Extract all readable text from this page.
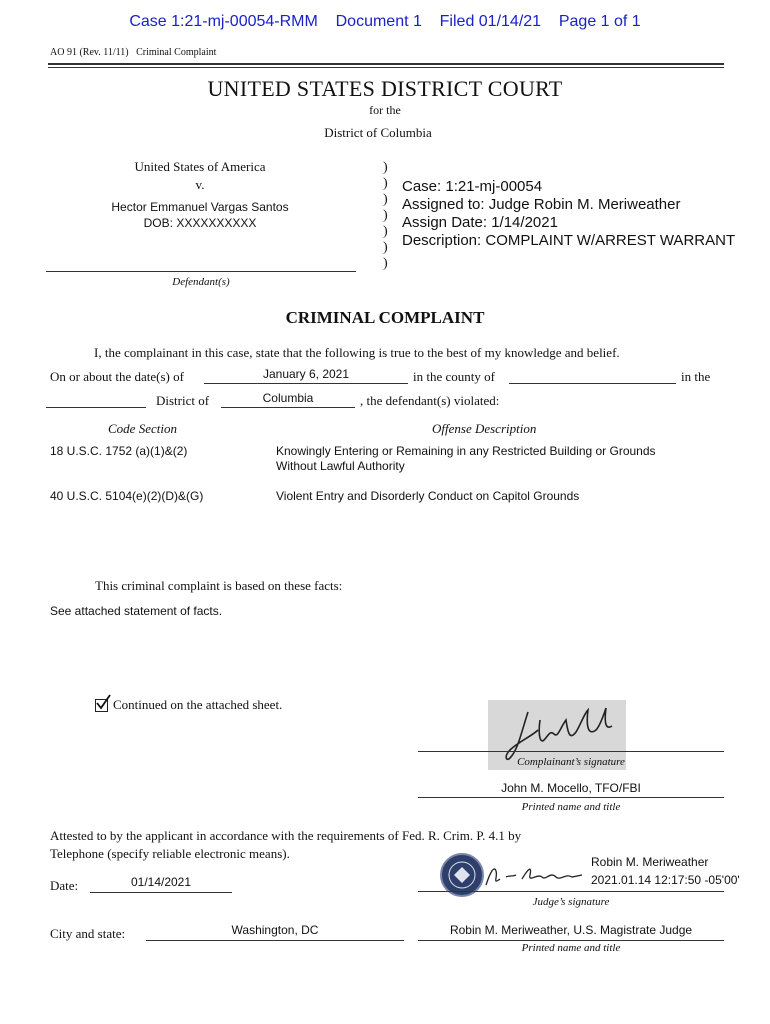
Case 1:21-mj-00054-RMM Document 1 Filed 01/14/21 Page 1 of 1
AO 91 (Rev. 11/11)   Criminal Complaint
UNITED STATES DISTRICT COURT
for the
District of Columbia
United States of America
v.
Hector Emmanuel Vargas Santos
DOB: XXXXXXXXXX
Defendant(s)
)
)
)
)
)
)
)
Case: 1:21-mj-00054
Assigned to: Judge Robin M. Meriweather
Assign Date: 1/14/2021
Description: COMPLAINT W/ARREST WARRANT
CRIMINAL COMPLAINT
I, the complainant in this case, state that the following is true to the best of my knowledge and belief.
On or about the date(s) of	January 6, 2021	in the county of	in the
District of	Columbia	, the defendant(s) violated:
Code Section	Offense Description
18 U.S.C. 1752 (a)(1)&(2)	Knowingly Entering or Remaining in any Restricted Building or Grounds
Without Lawful Authority
40 U.S.C. 5104(e)(2)(D)&(G)	Violent Entry and Disorderly Conduct on Capitol Grounds
This criminal complaint is based on these facts:
See attached statement of facts.
Continued on the attached sheet.
Complainant’s signature
John M. Mocello, TFO/FBI
Printed name and title
Attested to by the applicant in accordance with the requirements of Fed. R. Crim. P. 4.1 by
Telephone (specify reliable electronic means).
Date:	01/14/2021
Robin M. Meriweather
2021.01.14 12:17:50 -05'00'
Judge’s signature
City and state:	Washington, DC	Robin M. Meriweather, U.S. Magistrate Judge
Printed name and title
